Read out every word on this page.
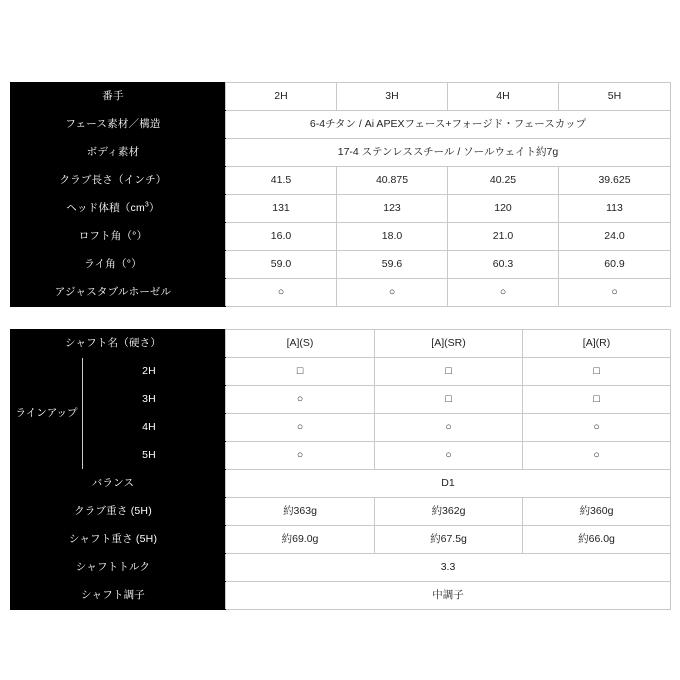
番手	2H	3H	4H	5H
フェース素材／構造	6-4チタン / Ai APEXフェース+フォージド・フェースカップ			
ボディ素材	17-4 ステンレススチール / ソールウェイト約7g			
クラブ長さ（インチ）	41.5	40.875	40.25	39.625
ヘッド体積$(cm^3)$	131	123	120	113
ロフト角（°）	16.0	18.0	21.0	24.0
ライ角（°）	59.0	59.6	60.3	60.9
アジャスタブルホーゼル	○	○	○	○
シャフト名（硬さ）		[A](S)	[A](SR)	[A](R)
ラインアップ	2H	□	□	□
	3H	○	□	□
	4H	○	○	○
	5H	○	○	○
バランス		D1		
クラブ重さ (5H)		約363g	約362g	約360g
シャフト重さ (5H)		約69.0g	約67.5g	約66.0g
シャフトトルク		3.3		
シャフト調子		中調子		
